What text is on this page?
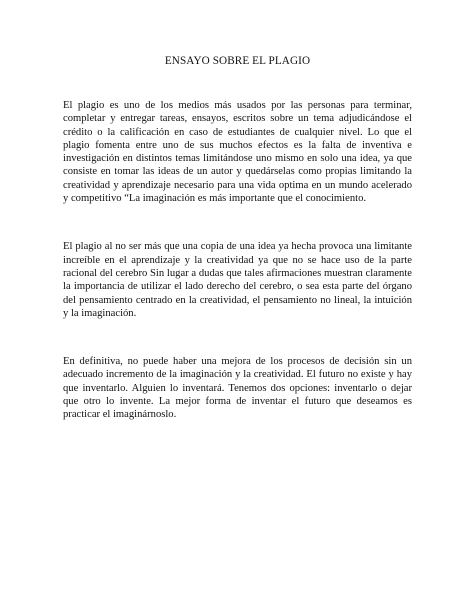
ENSAYO SOBRE EL PLAGIO

El plagio es uno de los medios más usados por las personas para terminar, completar y entregar tareas, ensayos, escritos sobre un tema adjudicándose el crédito o la calificación en caso de estudiantes de cualquier nivel. Lo que el plagio fomenta entre uno de sus muchos efectos es la falta de inventiva e investigación en distintos temas limitándose uno mismo en solo una idea, ya que consiste en tomar las ideas de un autor y quedárselas como propias limitando la creatividad y aprendizaje necesario para una vida optima en un mundo acelerado y competitivo “La imaginación es más importante que el conocimiento.

El plagio al no ser más que una copia de una idea ya hecha provoca una limitante increíble en el aprendizaje y la creatividad ya que no se hace uso de la parte racional del cerebro Sin lugar a dudas que tales afirmaciones muestran claramente la importancia de utilizar el lado derecho del cerebro, o sea esta parte del órgano del pensamiento centrado en la creatividad, el pensamiento no lineal, la intuición y la imaginación.

En definitiva, no puede haber una mejora de los procesos de decisión sin un adecuado incremento de la imaginación y la creatividad. El futuro no existe y hay que inventarlo. Alguien lo inventará. Tenemos dos opciones: inventarlo o dejar que otro lo invente. La mejor forma de inventar el futuro que deseamos es practicar el imaginárnoslo.
